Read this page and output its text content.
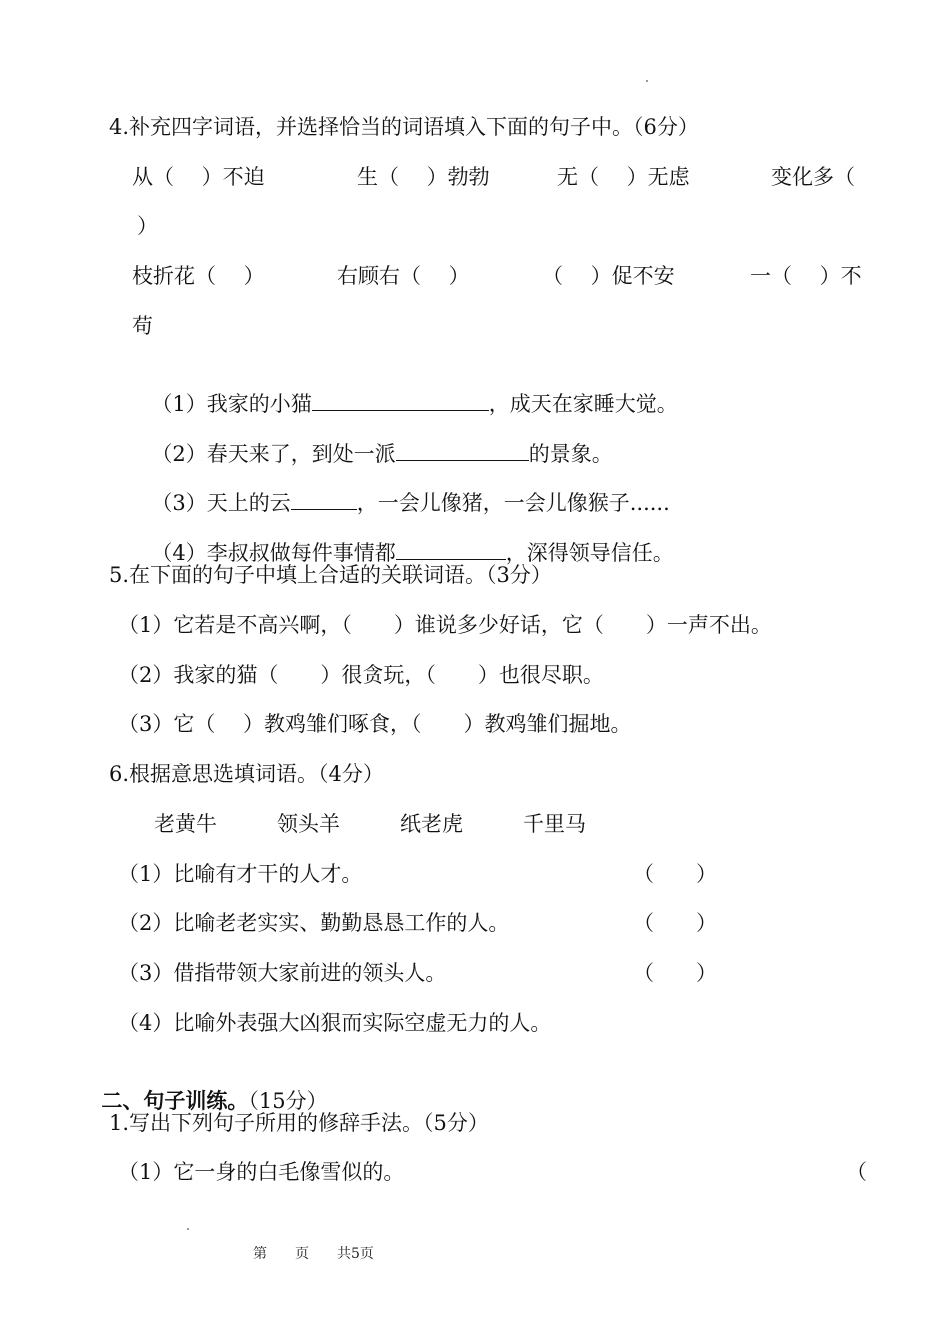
4.补充四字词语，并选择恰当的词语填入下面的句子中。（6分）
从（　 ）不迫	生（　 ）勃勃	无（　 ）无虑	变化多（
）
枝折花（　 ）	右顾右（　 ）	（　 ）促不安	一（　 ）不
苟

（1）我家的小猫	，成天在家睡大觉。

（2）春天来了，到处一派	的景象。

（3）天上的云	，一会儿像猪，一会儿像猴子......

（4）李叔叔做每件事情都	，深得领导信任。

5.在下面的句子中填上合适的关联词语。（3分）
（1）它若是不高兴啊，（　　）谁说多少好话，它（　　）一声不出。
（2）我家的猫（　　）很贪玩，（　　）也很尽职。
（3）它（　 ）教鸡雏们啄食，（　　）教鸡雏们掘地。
6.根据意思选填词语。（4分）
老黄牛	领头羊	纸老虎	千里马
（1）比喻有才干的人才。	（　　）
（2）比喻老老实实、勤勤恳恳工作的人。	（　　）
（3）借指带领大家前进的领头人。	（　　）
（4）比喻外表强大凶狠而实际空虚无力的人。

二、句子训练。（15分）

1.写出下列句子所用的修辞手法。（5分）
（1）它一身的白毛像雪似的。	（
第　　页　　共5页
